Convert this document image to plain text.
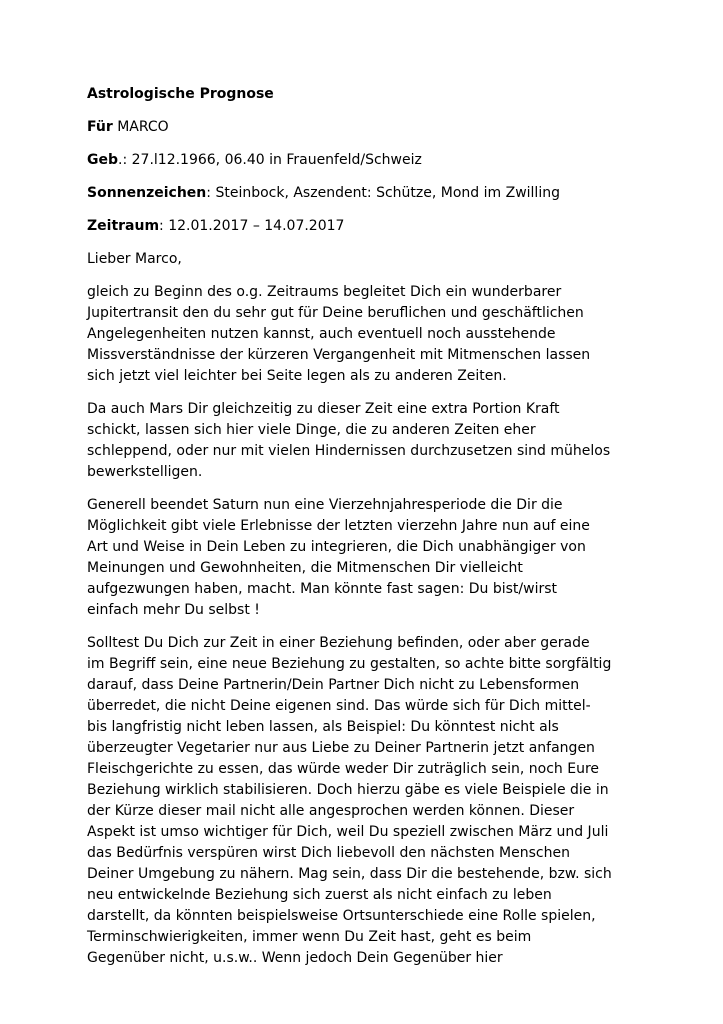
Astrologische Prognose
Für MARCO
Geb.: 27.l12.1966, 06.40 in Frauenfeld/Schweiz
Sonnenzeichen: Steinbock, Aszendent: Schütze, Mond im Zwilling
Zeitraum: 12.01.2017 – 14.07.2017
Lieber Marco,
gleich zu Beginn des o.g. Zeitraums begleitet Dich ein wunderbarer
Jupitertransit den du sehr gut für Deine beruflichen und geschäftlichen
Angelegenheiten nutzen kannst, auch eventuell noch ausstehende
Missverständnisse der kürzeren Vergangenheit mit Mitmenschen lassen
sich jetzt viel leichter bei Seite legen als zu anderen Zeiten.
Da auch Mars Dir gleichzeitig zu dieser Zeit eine extra Portion Kraft
schickt, lassen sich hier viele Dinge, die zu anderen Zeiten eher
schleppend, oder nur mit vielen Hindernissen durchzusetzen sind mühelos
bewerkstelligen.
Generell beendet Saturn nun eine Vierzehnjahresperiode die Dir die
Möglichkeit gibt viele Erlebnisse der letzten vierzehn Jahre nun auf eine
Art und Weise in Dein Leben zu integrieren, die Dich unabhängiger von
Meinungen und Gewohnheiten, die Mitmenschen Dir vielleicht
aufgezwungen haben, macht. Man könnte fast sagen: Du bist/wirst
einfach mehr Du selbst !
Solltest Du Dich zur Zeit in einer Beziehung befinden, oder aber gerade
im Begriff sein, eine neue Beziehung zu gestalten, so achte bitte sorgfältig
darauf, dass Deine Partnerin/Dein Partner Dich nicht zu Lebensformen
überredet, die nicht Deine eigenen sind. Das würde sich für Dich mittel-
bis langfristig nicht leben lassen, als Beispiel: Du könntest nicht als
überzeugter Vegetarier nur aus Liebe zu Deiner Partnerin jetzt anfangen
Fleischgerichte zu essen, das würde weder Dir zuträglich sein, noch Eure
Beziehung wirklich stabilisieren. Doch hierzu gäbe es viele Beispiele die in
der Kürze dieser mail nicht alle angesprochen werden können. Dieser
Aspekt ist umso wichtiger für Dich, weil Du speziell zwischen März und Juli
das Bedürfnis verspüren wirst Dich liebevoll den nächsten Menschen
Deiner Umgebung zu nähern. Mag sein, dass Dir die bestehende, bzw. sich
neu entwickelnde Beziehung sich zuerst als nicht einfach zu leben
darstellt, da könnten beispielsweise Ortsunterschiede eine Rolle spielen,
Terminschwierigkeiten, immer wenn Du Zeit hast, geht es beim
Gegenüber nicht, u.s.w.. Wenn jedoch Dein Gegenüber hier
